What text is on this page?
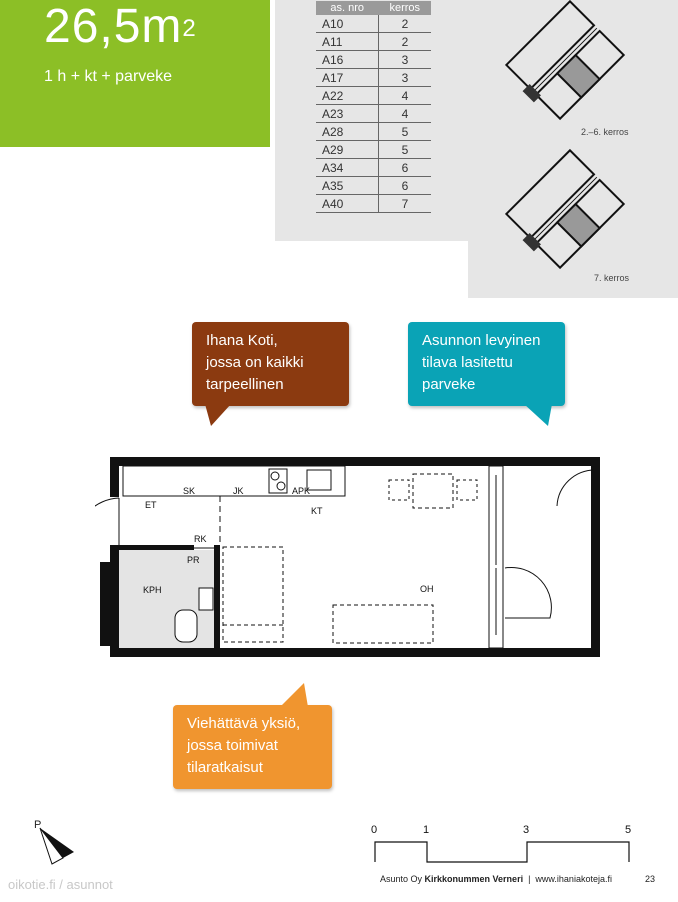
$26,5m^2$
1 h + kt + parveke
as. nro	kerros
A10	2
A11	2
A16	3
A17	3
A22	4
A23	4
A28	5
A29	5
A34	6
A35	6
A40	7
2.–6. kerros
7. kerros
Ihana Koti,
jossa on kaikki
tarpeellinen
Asunnon levyinen
tilava lasitettu
parveke
Viehättävä yksiö,
jossa toimivat
tilaratkaisut
SK	JK	APK
ET
KT
RK
PR
KPH	OH
P	0	1	3	5
Asunto Oy Kirkkonummen Verneri  |  www.ihaniakoteja.fi	23
oikotie.fi / asunnot
